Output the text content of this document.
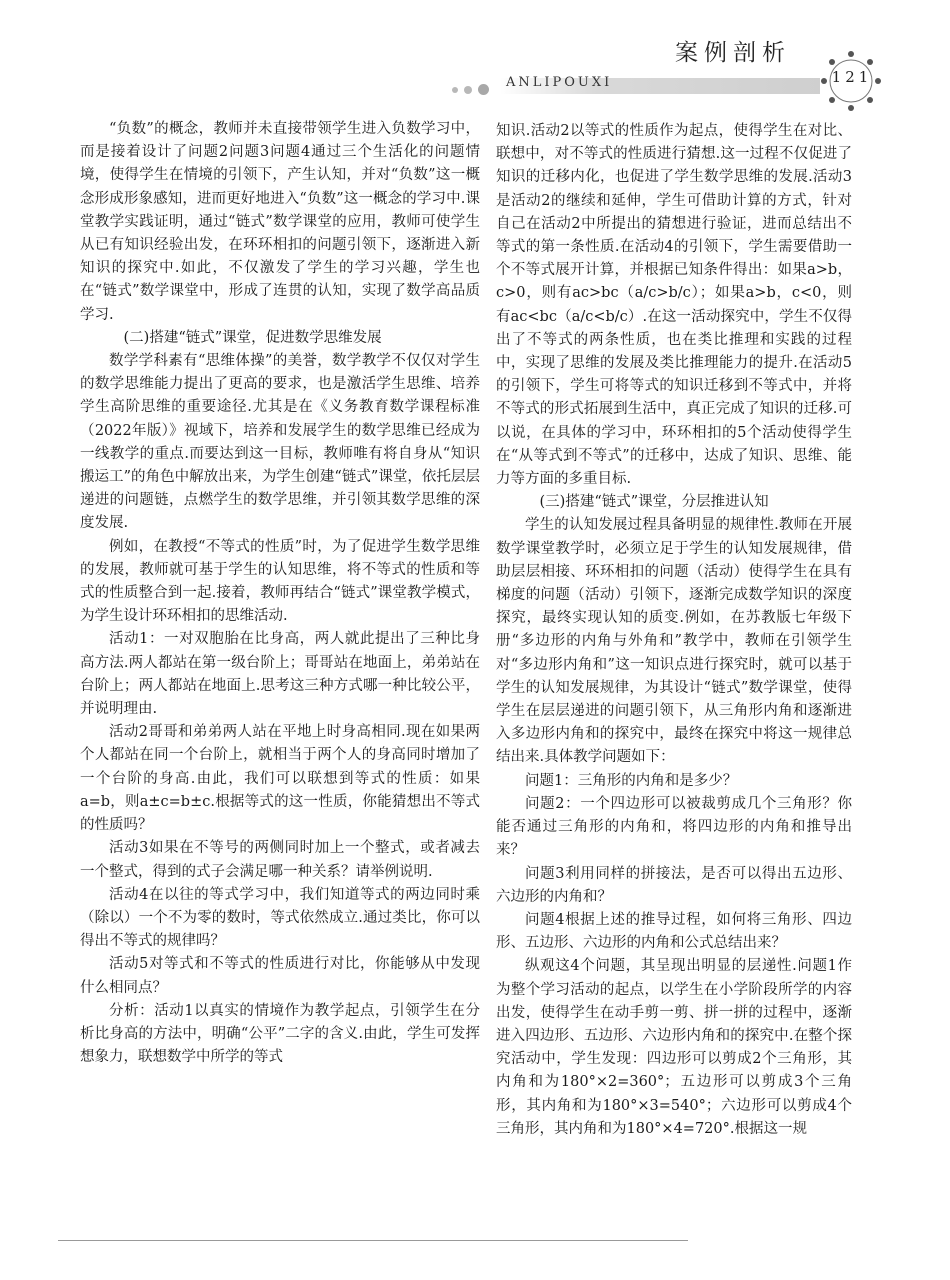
案例剖析
ANLIPOUXI	121

“负数”的概念，教师并未直接带领学生进入负数学习中，而是接着设计了问题2问题3问题4通过三个生活化的问题情境，使得学生在情境的引领下，产生认知，并对“负数”这一概念形成形象感知，进而更好地进入“负数”这一概念的学习中.课堂教学实践证明，通过“链式”数学课堂的应用，教师可使学生从已有知识经验出发，在环环相扣的问题引领下，逐渐进入新知识的探究中.如此，不仅激发了学生的学习兴趣，学生也在“链式”数学课堂中，形成了连贯的认知，实现了数学高品质学习.

(二)搭建“链式”课堂，促进数学思维发展

数学学科素有“思维体操”的美誉，数学教学不仅仅对学生的数学思维能力提出了更高的要求，也是激活学生思维、培养学生高阶思维的重要途径.尤其是在《义务教育数学课程标准（2022年版）》视域下，培养和发展学生的数学思维已经成为一线教学的重点.而要达到这一目标，教师唯有将自身从“知识搬运工”的角色中解放出来，为学生创建“链式”课堂，依托层层递进的问题链，点燃学生的数学思维，并引领其数学思维的深度发展.

例如，在教授“不等式的性质”时，为了促进学生数学思维的发展，教师就可基于学生的认知思维，将不等式的性质和等式的性质整合到一起.接着，教师再结合“链式”课堂教学模式，为学生设计环环相扣的思维活动.

活动1：一对双胞胎在比身高，两人就此提出了三种比身高方法.两人都站在第一级台阶上；哥哥站在地面上，弟弟站在台阶上；两人都站在地面上.思考这三种方式哪一种比较公平，并说明理由.

活动2哥哥和弟弟两人站在平地上时身高相同.现在如果两个人都站在同一个台阶上，就相当于两个人的身高同时增加了一个台阶的身高.由此，我们可以联想到等式的性质：如果a=b，则a±c=b±c.根据等式的这一性质，你能猜想出不等式的性质吗？

活动3如果在不等号的两侧同时加上一个整式，或者减去一个整式，得到的式子会满足哪一种关系？请举例说明.

活动4在以往的等式学习中，我们知道等式的两边同时乘（除以）一个不为零的数时，等式依然成立.通过类比，你可以得出不等式的规律吗？

活动5对等式和不等式的性质进行对比，你能够从中发现什么相同点？

分析：活动1以真实的情境作为教学起点，引领学生在分析比身高的方法中，明确“公平”二字的含义.由此，学生可发挥想象力，联想数学中所学的等式

知识.活动2以等式的性质作为起点，使得学生在对比、联想中，对不等式的性质进行猜想.这一过程不仅促进了知识的迁移内化，也促进了学生数学思维的发展.活动3是活动2的继续和延伸，学生可借助计算的方式，针对自己在活动2中所提出的猜想进行验证，进而总结出不等式的第一条性质.在活动4的引领下，学生需要借助一个不等式展开计算，并根据已知条件得出：如果a>b，c>0，则有ac>bc（a/c>b/c）；如果a>b，c<0，则有ac<bc（a/c<b/c）.在这一活动探究中，学生不仅得出了不等式的两条性质，也在类比推理和实践的过程中，实现了思维的发展及类比推理能力的提升.在活动5的引领下，学生可将等式的知识迁移到不等式中，并将不等式的形式拓展到生活中，真正完成了知识的迁移.可以说，在具体的学习中，环环相扣的5个活动使得学生在“从等式到不等式”的迁移中，达成了知识、思维、能力等方面的多重目标.

(三)搭建“链式”课堂，分层推进认知

学生的认知发展过程具备明显的规律性.教师在开展数学课堂教学时，必须立足于学生的认知发展规律，借助层层相接、环环相扣的问题（活动）使得学生在具有梯度的问题（活动）引领下，逐渐完成数学知识的深度探究，最终实现认知的质变.例如，在苏教版七年级下册“多边形的内角与外角和”教学中，教师在引领学生对“多边形内角和”这一知识点进行探究时，就可以基于学生的认知发展规律，为其设计“链式”数学课堂，使得学生在层层递进的问题引领下，从三角形内角和逐渐进入多边形内角和的探究中，最终在探究中将这一规律总结出来.具体教学问题如下：

问题1：三角形的内角和是多少？

问题2：一个四边形可以被裁剪成几个三角形？你能否通过三角形的内角和，将四边形的内角和推导出来？

问题3利用同样的拼接法，是否可以得出五边形、六边形的内角和？

问题4根据上述的推导过程，如何将三角形、四边形、五边形、六边形的内角和公式总结出来？

纵观这4个问题，其呈现出明显的层递性.问题1作为整个学习活动的起点，以学生在小学阶段所学的内容出发，使得学生在动手剪一剪、拼一拼的过程中，逐渐进入四边形、五边形、六边形内角和的探究中.在整个探究活动中，学生发现：四边形可以剪成2个三角形，其内角和为180°×2=360°；五边形可以剪成3个三角形，其内角和为180°×3=540°；六边形可以剪成4个三角形，其内角和为180°×4=720°.根据这一规
